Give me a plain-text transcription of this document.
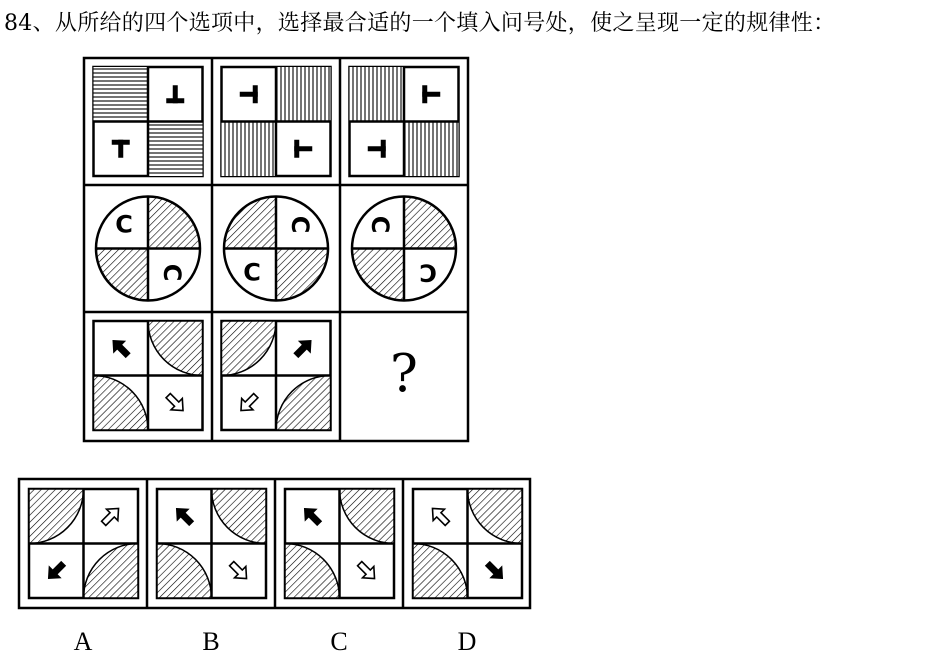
84、从所给的四个选项中，选择最合适的一个填入问号处，使之呈现一定的规律性：
C
C
C
C
C
C
?
A	B	C	D
